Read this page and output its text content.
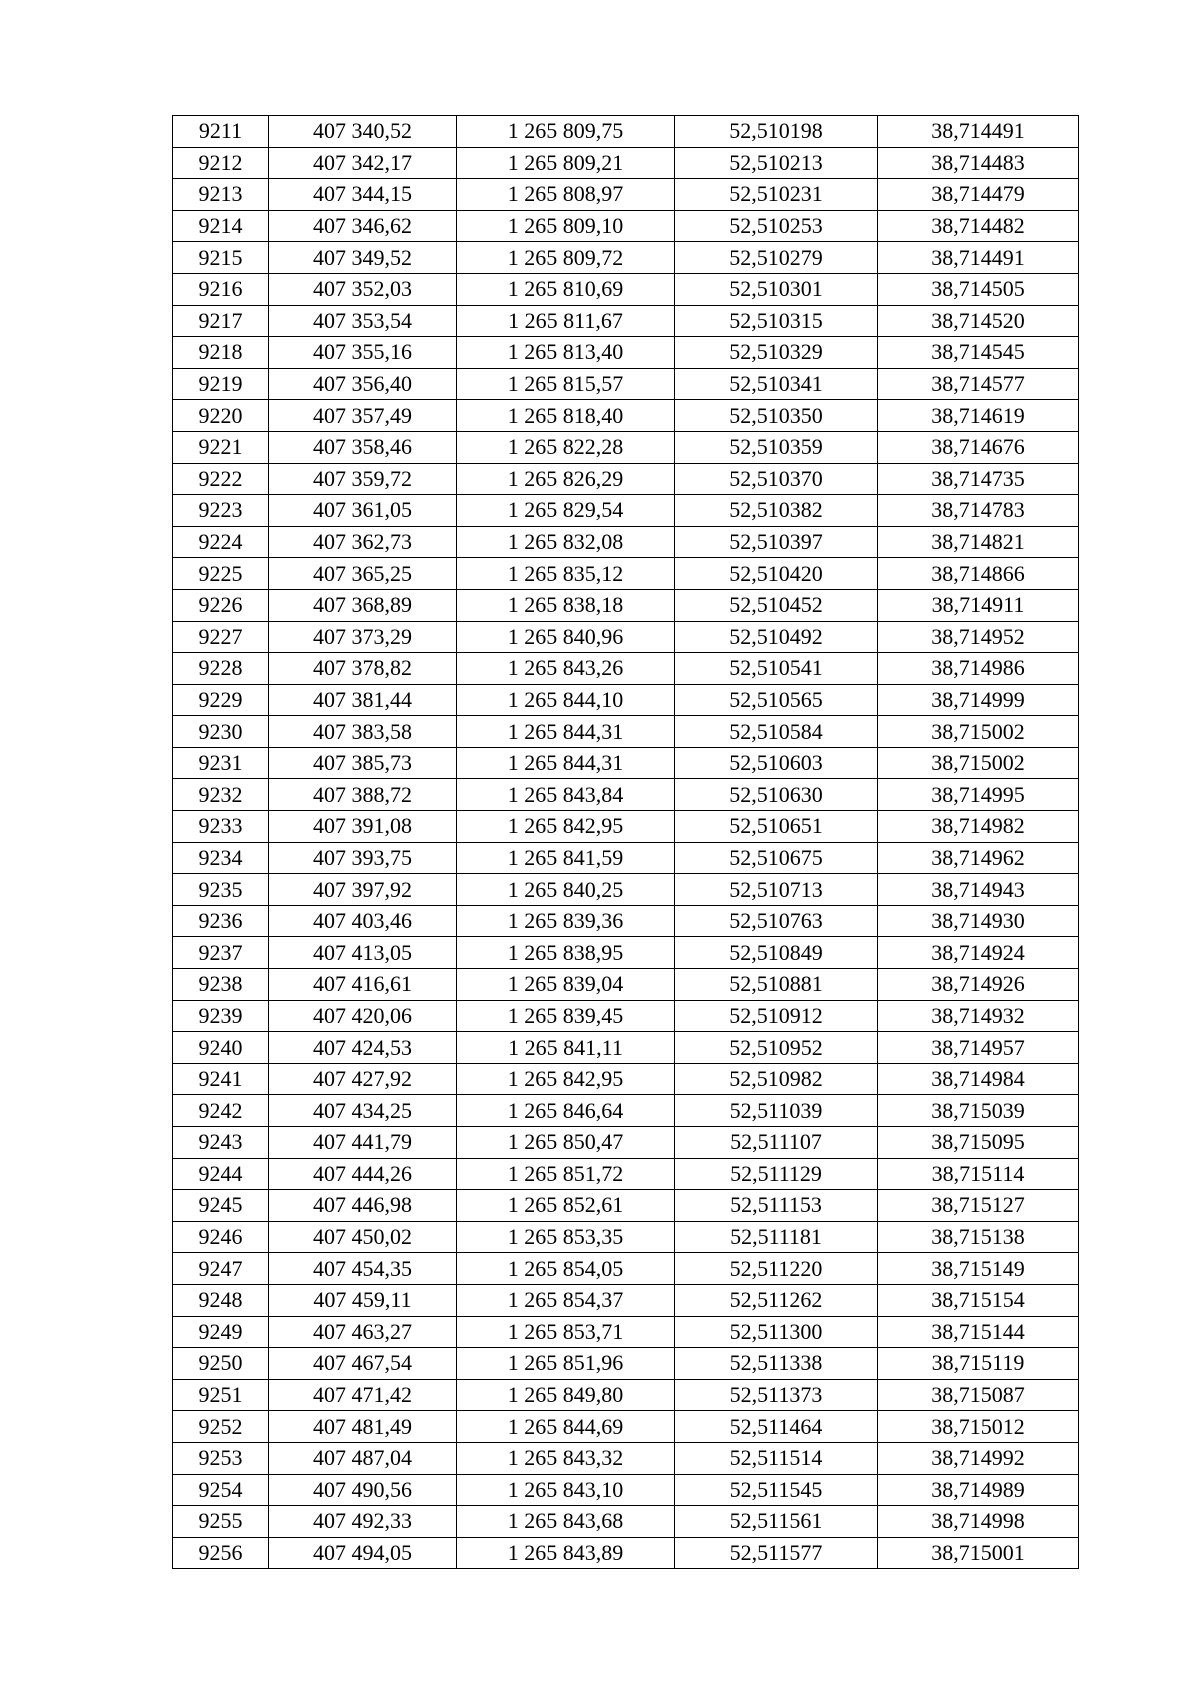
9211	407 340,52	1 265 809,75	52,510198	38,714491
9212	407 342,17	1 265 809,21	52,510213	38,714483
9213	407 344,15	1 265 808,97	52,510231	38,714479
9214	407 346,62	1 265 809,10	52,510253	38,714482
9215	407 349,52	1 265 809,72	52,510279	38,714491
9216	407 352,03	1 265 810,69	52,510301	38,714505
9217	407 353,54	1 265 811,67	52,510315	38,714520
9218	407 355,16	1 265 813,40	52,510329	38,714545
9219	407 356,40	1 265 815,57	52,510341	38,714577
9220	407 357,49	1 265 818,40	52,510350	38,714619
9221	407 358,46	1 265 822,28	52,510359	38,714676
9222	407 359,72	1 265 826,29	52,510370	38,714735
9223	407 361,05	1 265 829,54	52,510382	38,714783
9224	407 362,73	1 265 832,08	52,510397	38,714821
9225	407 365,25	1 265 835,12	52,510420	38,714866
9226	407 368,89	1 265 838,18	52,510452	38,714911
9227	407 373,29	1 265 840,96	52,510492	38,714952
9228	407 378,82	1 265 843,26	52,510541	38,714986
9229	407 381,44	1 265 844,10	52,510565	38,714999
9230	407 383,58	1 265 844,31	52,510584	38,715002
9231	407 385,73	1 265 844,31	52,510603	38,715002
9232	407 388,72	1 265 843,84	52,510630	38,714995
9233	407 391,08	1 265 842,95	52,510651	38,714982
9234	407 393,75	1 265 841,59	52,510675	38,714962
9235	407 397,92	1 265 840,25	52,510713	38,714943
9236	407 403,46	1 265 839,36	52,510763	38,714930
9237	407 413,05	1 265 838,95	52,510849	38,714924
9238	407 416,61	1 265 839,04	52,510881	38,714926
9239	407 420,06	1 265 839,45	52,510912	38,714932
9240	407 424,53	1 265 841,11	52,510952	38,714957
9241	407 427,92	1 265 842,95	52,510982	38,714984
9242	407 434,25	1 265 846,64	52,511039	38,715039
9243	407 441,79	1 265 850,47	52,511107	38,715095
9244	407 444,26	1 265 851,72	52,511129	38,715114
9245	407 446,98	1 265 852,61	52,511153	38,715127
9246	407 450,02	1 265 853,35	52,511181	38,715138
9247	407 454,35	1 265 854,05	52,511220	38,715149
9248	407 459,11	1 265 854,37	52,511262	38,715154
9249	407 463,27	1 265 853,71	52,511300	38,715144
9250	407 467,54	1 265 851,96	52,511338	38,715119
9251	407 471,42	1 265 849,80	52,511373	38,715087
9252	407 481,49	1 265 844,69	52,511464	38,715012
9253	407 487,04	1 265 843,32	52,511514	38,714992
9254	407 490,56	1 265 843,10	52,511545	38,714989
9255	407 492,33	1 265 843,68	52,511561	38,714998
9256	407 494,05	1 265 843,89	52,511577	38,715001
